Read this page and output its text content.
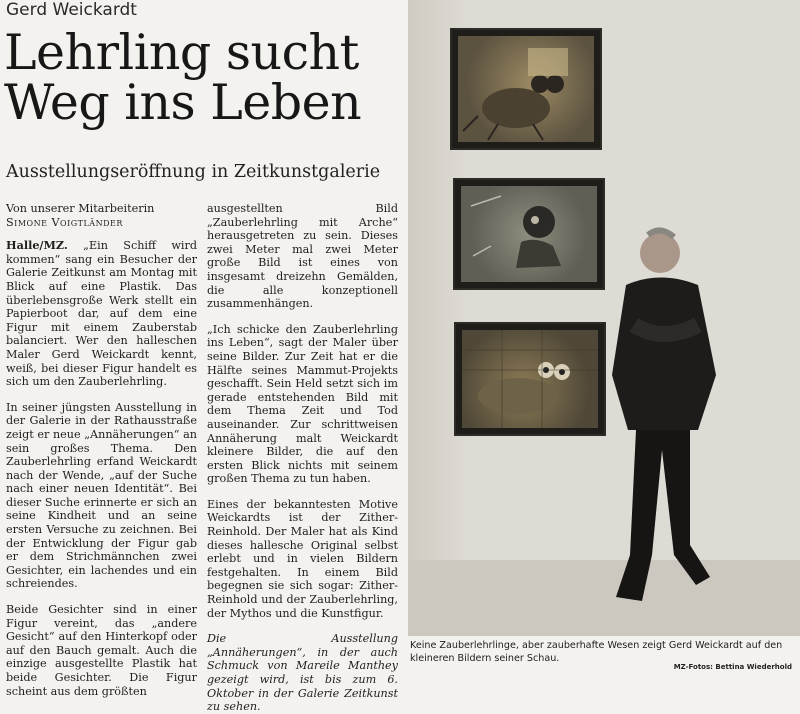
Gerd Weickardt
Lehrling sucht
Weg ins Leben
Ausstellungseröffnung in Zeitkunstgalerie
Von unserer Mitarbeiterin
Simone Voigtländer

Halle/MZ. „Ein Schiff wird kommen“ sang ein Besucher der Galerie Zeitkunst am Montag mit Blick auf eine Plastik. Das überlebensgroße Werk stellt ein Papierboot dar, auf dem eine Figur mit einem Zauberstab balanciert. Wer den halleschen Maler Gerd Weickardt kennt, weiß, bei dieser Figur handelt es sich um den Zauberlehrling.

In seiner jüngsten Ausstellung in der Galerie in der Rathausstraße zeigt er neue „Annäherungen“ an sein großes Thema. Den Zauberlehrling erfand Weickardt nach der Wende, „auf der Suche nach einer neuen Identität“. Bei dieser Suche erinnerte er sich an seine Kindheit und an seine ersten Versuche zu zeichnen. Bei der Entwicklung der Figur gab er dem Strichmännchen zwei Gesichter, ein lachendes und ein schreiendes.

Beide Gesichter sind in einer Figur vereint, das „andere Gesicht“ auf den Hinterkopf oder auf den Bauch gemalt. Auch die einzige ausgestellte Plastik hat beide Gesichter. Die Figur scheint aus dem größten

ausgestellten Bild „Zauberlehrling mit Arche“ herausgetreten zu sein. Dieses zwei Meter mal zwei Meter große Bild ist eines von insgesamt dreizehn Gemälden, die alle konzeptionell zusammenhängen.

„Ich schicke den Zauberlehrling ins Leben“, sagt der Maler über seine Bilder. Zur Zeit hat er die Hälfte seines Mammut-Projekts geschafft. Sein Held setzt sich im gerade entstehenden Bild mit dem Thema Zeit und Tod auseinander. Zur schrittweisen Annäherung malt Weickardt kleinere Bilder, die auf den ersten Blick nichts mit seinem großen Thema zu tun haben.

Eines der bekanntesten Motive Weickardts ist der Zither-Reinhold. Der Maler hat als Kind dieses hallesche Original selbst erlebt und in vielen Bildern festgehalten. In einem Bild begegnen sie sich sogar: Zither-Reinhold und der Zauberlehrling, der Mythos und die Kunstfigur.

Die Ausstellung „Annäherungen“, in der auch Schmuck von Mareile Manthey gezeigt wird, ist bis zum 6. Oktober in der Galerie Zeitkunst zu sehen.

Keine Zauberlehrlinge, aber zauberhafte Wesen zeigt Gerd Weickardt auf den kleineren Bildern seiner Schau.
MZ-Fotos: Bettina Wiederhold
